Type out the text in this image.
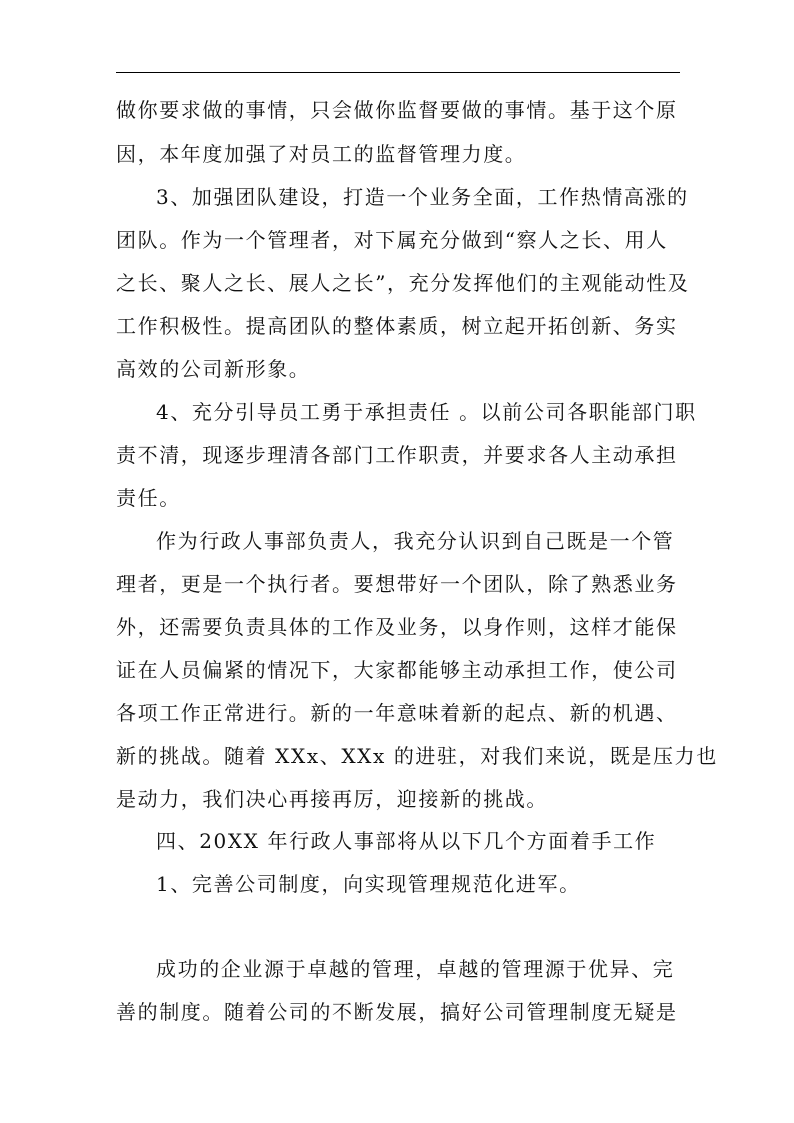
做你要求做的事情，只会做你监督要做的事情。基于这个原
因，本年度加强了对员工的监督管理力度。
3、加强团队建设，打造一个业务全面，工作热情高涨的
团队。作为一个管理者，对下属充分做到“察人之长、用人
之长、聚人之长、展人之长”，充分发挥他们的主观能动性及
工作积极性。提高团队的整体素质，树立起开拓创新、务实
高效的公司新形象。
4、充分引导员工勇于承担责任 。以前公司各职能部门职
责不清，现逐步理清各部门工作职责，并要求各人主动承担
责任。
作为行政人事部负责人，我充分认识到自己既是一个管
理者，更是一个执行者。要想带好一个团队，除了熟悉业务
外，还需要负责具体的工作及业务，以身作则，这样才能保
证在人员偏紧的情况下，大家都能够主动承担工作，使公司
各项工作正常进行。新的一年意味着新的起点、新的机遇、
新的挑战。随着 XXx、XXx 的进驻，对我们来说，既是压力也
是动力，我们决心再接再厉，迎接新的挑战。
四、20XX 年行政人事部将从以下几个方面着手工作
1、完善公司制度，向实现管理规范化进军。
成功的企业源于卓越的管理，卓越的管理源于优异、完
善的制度。随着公司的不断发展，搞好公司管理制度无疑是
